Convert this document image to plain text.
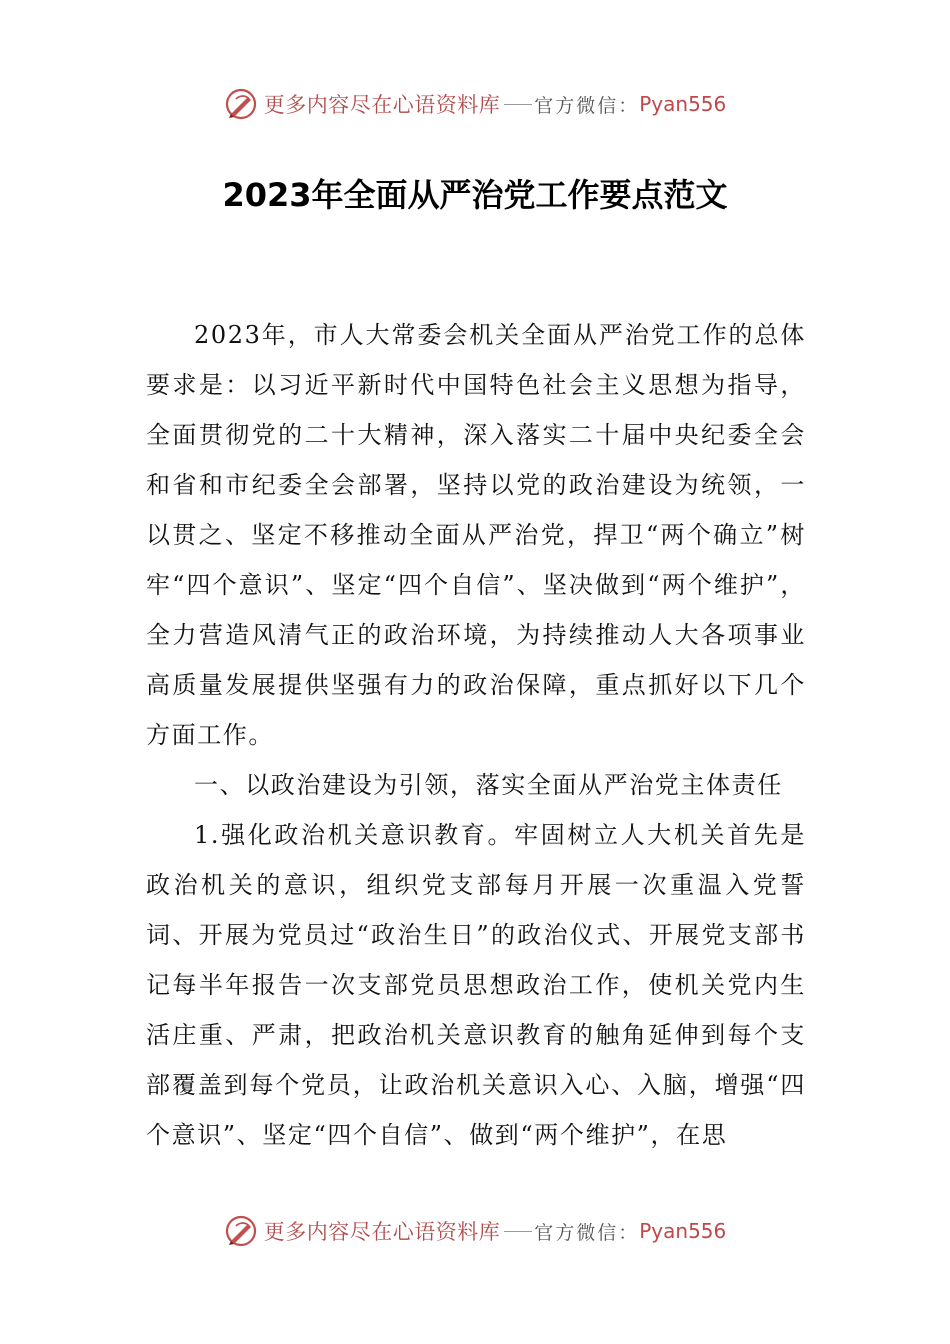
更多内容尽在心语资料库 官方微信： Pyan556
2023年全面从严治党工作要点范文

2023年，市人大常委会机关全面从严治党工作的总体要求是：以习近平新时代中国特色社会主义思想为指导，全面贯彻党的二十大精神，深入落实二十届中央纪委全会和省和市纪委全会部署，坚持以党的政治建设为统领，一以贯之、坚定不移推动全面从严治党，捍卫“两个确立”树牢“四个意识”、坚定“四个自信”、坚决做到“两个维护”，全力营造风清气正的政治环境，为持续推动人大各项事业高质量发展提供坚强有力的政治保障，重点抓好以下几个方面工作。

一、以政治建设为引领，落实全面从严治党主体责任

1.强化政治机关意识教育。牢固树立人大机关首先是政治机关的意识，组织党支部每月开展一次重温入党誓词、开展为党员过“政治生日”的政治仪式、开展党支部书记每半年报告一次支部党员思想政治工作，使机关党内生活庄重、严肃，把政治机关意识教育的触角延伸到每个支部覆盖到每个党员，让政治机关意识入心、入脑，增强“四个意识”、坚定“四个自信”、做到“两个维护”，在思

更多内容尽在心语资料库 官方微信： Pyan556
